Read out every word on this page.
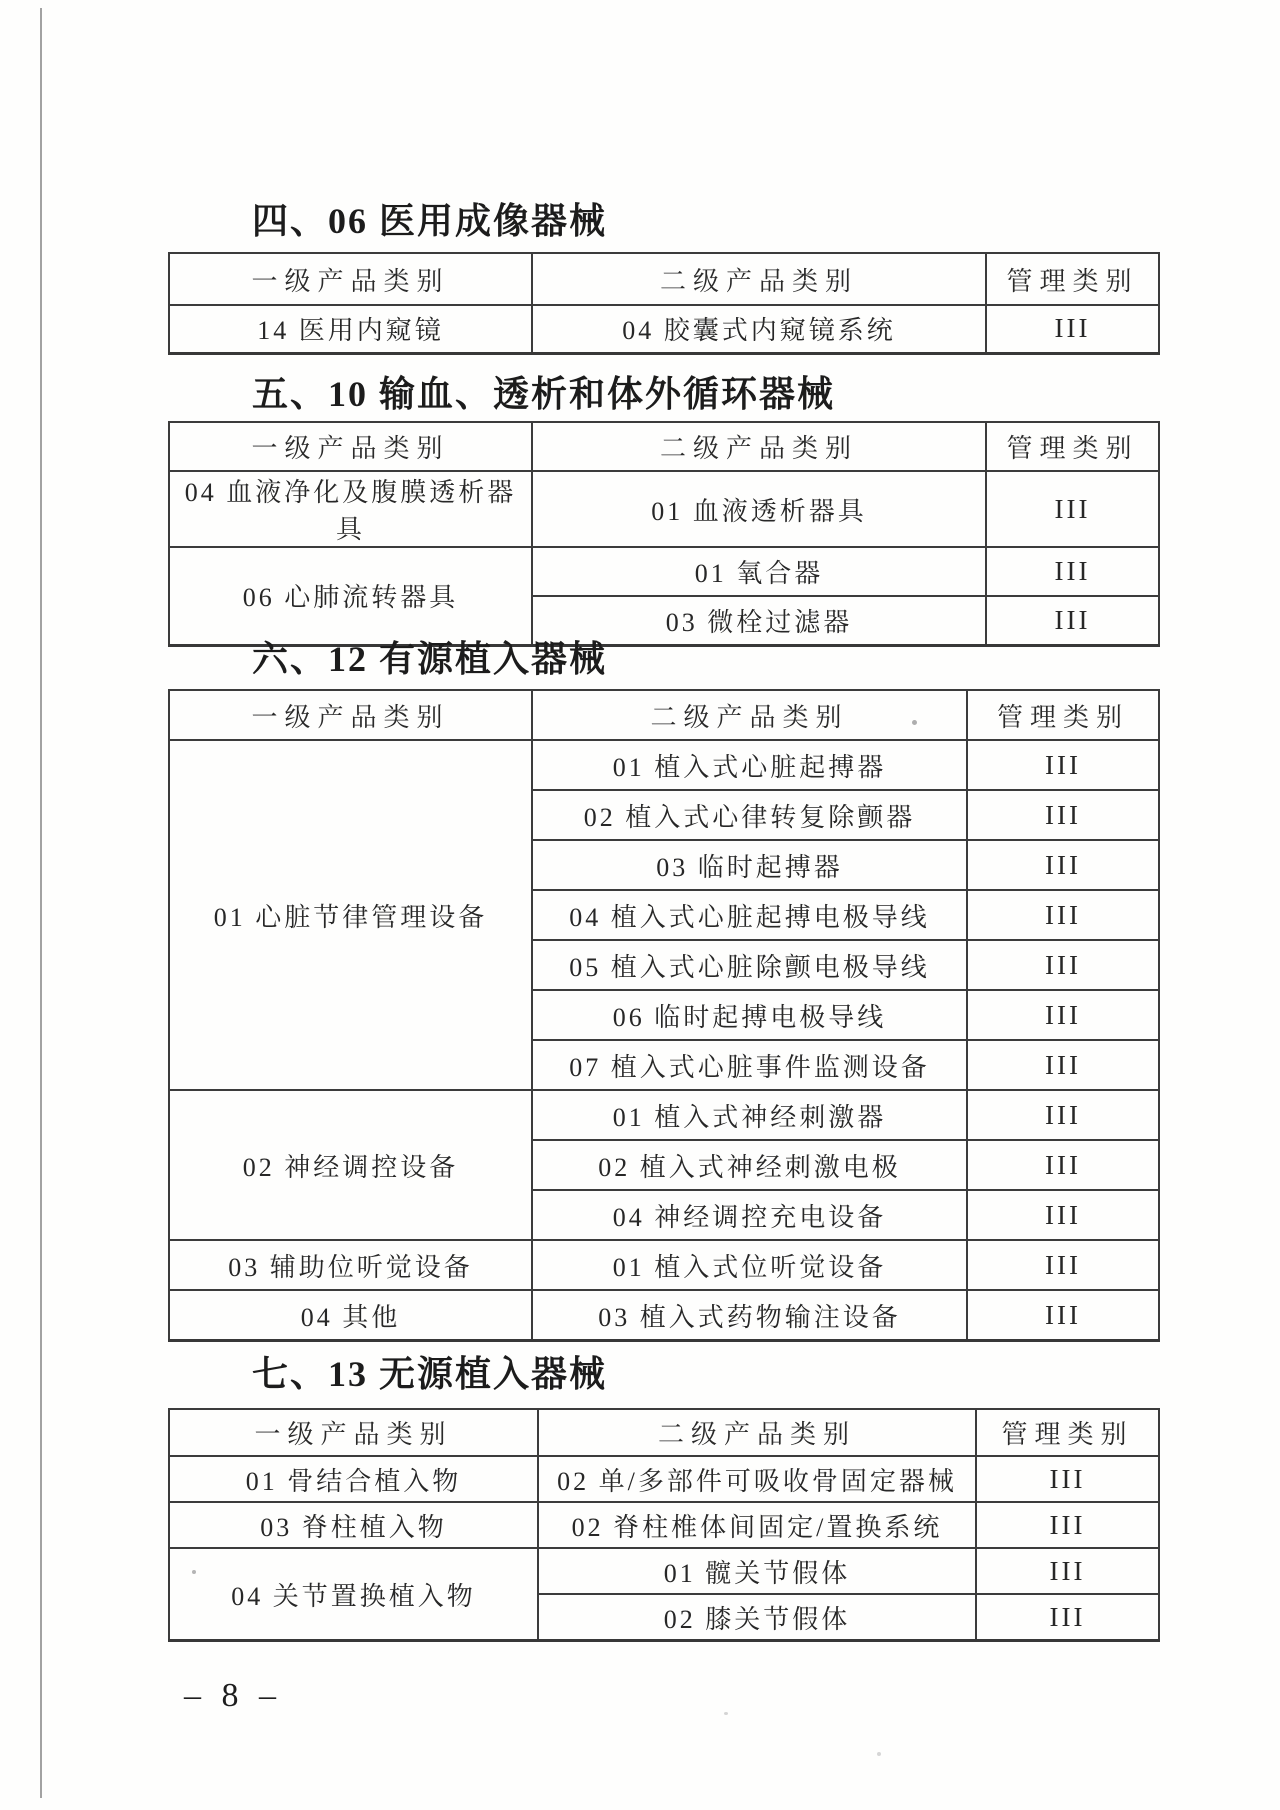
四、06 医用成像器械
一级产品类别	二级产品类别	管理类别
14 医用内窥镜	04 胶囊式内窥镜系统	III
五、10 输血、透析和体外循环器械
一级产品类别	二级产品类别	管理类别
04 血液净化及腹膜透析器具	01 血液透析器具	III
06 心肺流转器具	01 氧合器	III
	03 微栓过滤器	III
六、12 有源植入器械
一级产品类别	二级产品类别	管理类别
01 心脏节律管理设备	01 植入式心脏起搏器	III
	02 植入式心律转复除颤器	III
	03 临时起搏器	III
	04 植入式心脏起搏电极导线	III
	05 植入式心脏除颤电极导线	III
	06 临时起搏电极导线	III
	07 植入式心脏事件监测设备	III
02 神经调控设备	01 植入式神经刺激器	III
	02 植入式神经刺激电极	III
	04 神经调控充电设备	III
03 辅助位听觉设备	01 植入式位听觉设备	III
04 其他	03 植入式药物输注设备	III
七、13 无源植入器械
一级产品类别	二级产品类别	管理类别
01 骨结合植入物	02 单/多部件可吸收骨固定器械	III
03 脊柱植入物	02 脊柱椎体间固定/置换系统	III
04 关节置换植入物	01 髋关节假体	III
	02 膝关节假体	III
– 8 –
